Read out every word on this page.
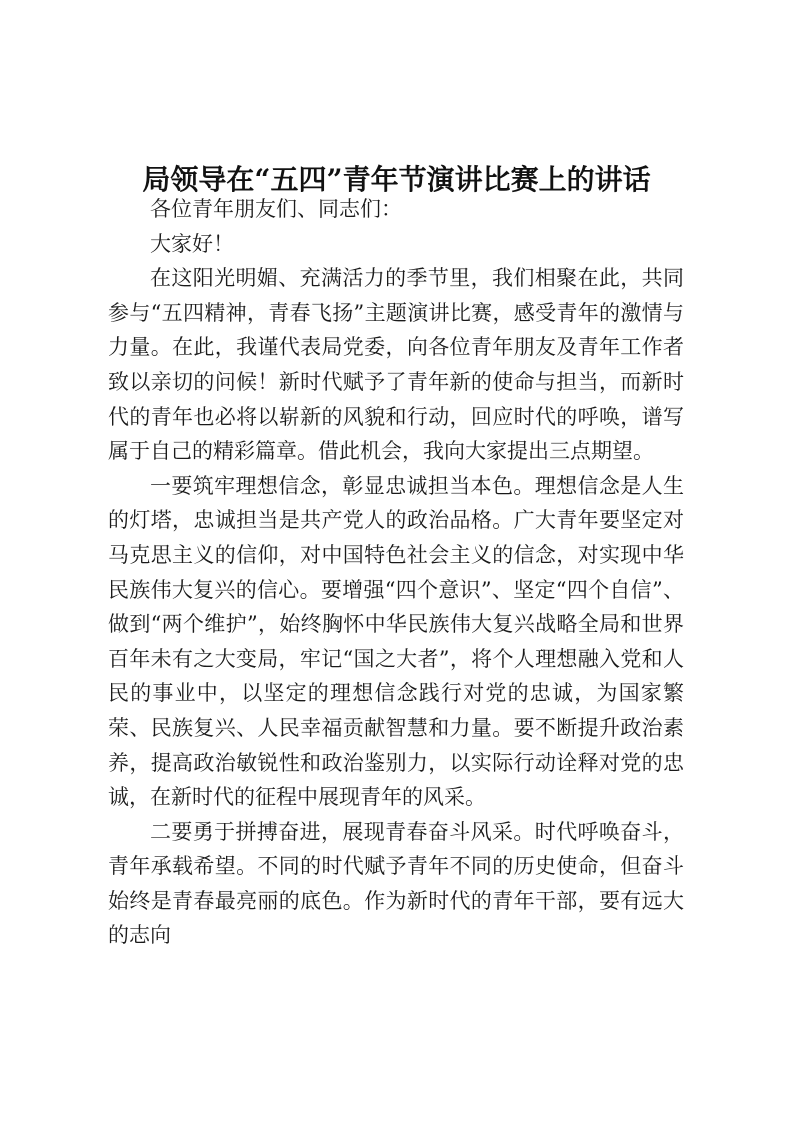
局领导在“五四”青年节演讲比赛上的讲话

各位青年朋友们、同志们：

大家好！

在这阳光明媚、充满活力的季节里，我们相聚在此，共同参与“五四精神，青春飞扬”主题演讲比赛，感受青年的激情与力量。在此，我谨代表局党委，向各位青年朋友及青年工作者致以亲切的问候！新时代赋予了青年新的使命与担当，而新时代的青年也必将以崭新的风貌和行动，回应时代的呼唤，谱写属于自己的精彩篇章。借此机会，我向大家提出三点期望。

一要筑牢理想信念，彰显忠诚担当本色。理想信念是人生的灯塔，忠诚担当是共产党人的政治品格。广大青年要坚定对马克思主义的信仰，对中国特色社会主义的信念，对实现中华民族伟大复兴的信心。要增强“四个意识”、坚定“四个自信”、做到“两个维护”，始终胸怀中华民族伟大复兴战略全局和世界百年未有之大变局，牢记“国之大者”，将个人理想融入党和人民的事业中，以坚定的理想信念践行对党的忠诚，为国家繁荣、民族复兴、人民幸福贡献智慧和力量。要不断提升政治素养，提高政治敏锐性和政治鉴别力，以实际行动诠释对党的忠诚，在新时代的征程中展现青年的风采。

二要勇于拼搏奋进，展现青春奋斗风采。时代呼唤奋斗，青年承载希望。不同的时代赋予青年不同的历史使命，但奋斗始终是青春最亮丽的底色。作为新时代的青年干部，要有远大的志向
